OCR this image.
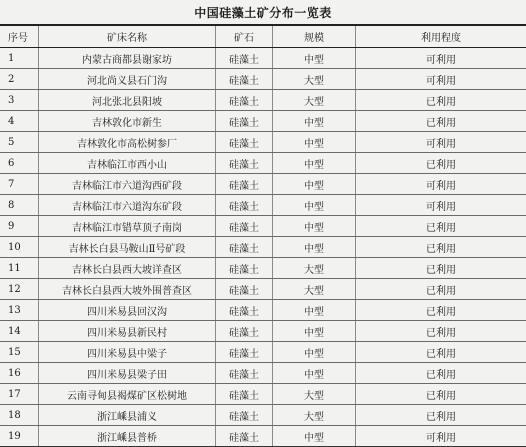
中国硅藻土矿分布一览表
序号	矿床名称	矿石	规模	利用程度
1	内蒙古商都县谢家坊	硅藻土	中型	可利用
2	河北尚义县石门沟	硅藻土	大型	可利用
3	河北张北县阳坡	硅藻土	大型	已利用
4	吉林敦化市新生	硅藻土	中型	已利用
5	吉林敦化市高松树参厂	硅藻土	中型	可利用
6	吉林临江市西小山	硅藻土	中型	已利用
7	吉林临江市六道沟西矿段	硅藻土	中型	可利用
8	吉林临江市六道沟东矿段	硅藻土	中型	可利用
9	吉林临江市错草顶子南岗	硅藻土	中型	已利用
10	吉林长白县马鞍山Ⅱ号矿段	硅藻土	中型	已利用
11	吉林长白县西大坡详查区	硅藻土	大型	已利用
12	吉林长白县西大坡外围普查区	硅藻土	大型	已利用
13	四川米易县回汉沟	硅藻土	中型	已利用
14	四川米易县新民村	硅藻土	中型	已利用
15	四川米易县中梁子	硅藻土	中型	已利用
16	四川米易县梁子田	硅藻土	中型	已利用
17	云南寻甸县褐煤矿区松树地	硅藻土	大型	已利用
18	浙江嵊县浦义	硅藻土	大型	已利用
19	浙江嵊县普桥	硅藻土	中型	可利用
